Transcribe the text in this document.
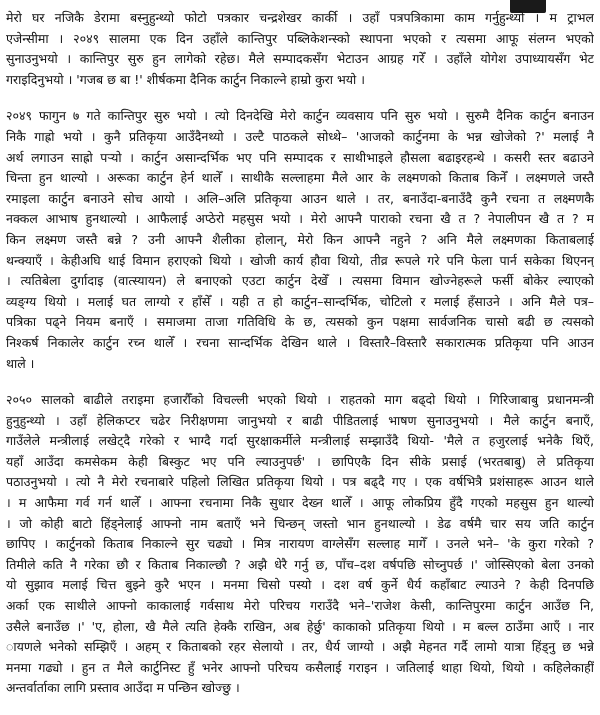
मेरो घर नजिकै डेरामा बस्नुहुन्थ्यो फोटो पत्रकार चन्द्रशेखर कार्की । उहाँ पत्रपत्रिकामा काम गर्नुहुन्थ्यो । म ट्राभल
एजेन्सीमा । २०४९ सालमा एक दिन उहाँले कान्तिपुर पब्लिकेशन्स्को स्थापना भएको र त्यसमा आफू संलग्न भएको
सुनाउनुभयो । कान्तिपुर सुरु हुन लागेको रहेछ। मैले सम्पादकसँग भेटाउन आग्रह गरेँ । उहाँले योगेश उपाध्यायसँग भेट
गराइदिनुभयो । 'गजब छ बा !' शीर्षकमा दैनिक कार्टुन निकाल्ने हाम्रो कुरा भयो ।
२०४९ फागुन ७ गते कान्तिपुर सुरु भयो । त्यो दिनदेखि मेरो कार्टुन व्यवसाय पनि सुरु भयो । सुरुमै दैनिक कार्टुन बनाउन
निकै गाह्रो भयो । कुनै प्रतिकृया आउँदैनथ्यो । उल्टै पाठकले सोध्थे– 'आजको कार्टुनमा के भन्न खोजेको ?' मलाई नै
अर्थ लगाउन साह्रो पर्‍यो । कार्टुन असान्दर्भिक भए पनि सम्पादक र साथीभाइले हौसला बढाइरहन्थे । कसरी स्तर बढाउने
चिन्ता हुन थाल्यो । अरूका कार्टुन हेर्न थालेँ । साथीकै सल्लाहमा मैले आर के लक्ष्मणको किताब किनेँ । लक्ष्मणले जस्तै
रमाइला कार्टुन बनाउने सोच आयो । अलि–अलि प्रतिकृया आउन थाले । तर, बनाउँदा-बनाउँदै कुनै रचना त लक्ष्मणकै
नक्कल आभाष हुनथाल्यो । आफैलाई अप्ठेरो महसुस भयो । मेरो आफ्नै पाराको रचना खै त ? नेपालीपन खै त ? म
किन लक्ष्मण जस्तै बन्ने ? उनी आफ्नै शैलीका होलान्, मेरो किन आफ्नै नहुने ? अनि मैले लक्ष्मणका किताबलाई
थन्क्याएँ । केहीअघि थाई विमान हराएको थियो । खोजी कार्य हौवा थियो, तीव्र रूपले गरे पनि फेला पार्न सकेका थिएनन्
। त्यतिबेला दुर्गादाइ (वात्स्यायन) ले बनाएको एउटा कार्टुन देखेँ । त्यसमा विमान खोज्नेहरूले फर्सी बोकेर ल्याएको
व्यङ्ग्य थियो । मलाई घत लाग्यो र हाँसेँ । यही त हो कार्टुन–सान्दर्भिक, चोटिलो र मलाई हँसाउने । अनि मैले पत्र–
पत्रिका पढ्ने नियम बनाएँ । समाजमा ताजा गतिविधि के छ, त्यसको कुन पक्षमा सार्वजनिक चासो बढी छ त्यसको
निश्कर्ष निकालेर कार्टुन रच्न थालेँ । रचना सान्दर्भिक देखिन थाले । विस्तारै–विस्तारै सकारात्मक प्रतिकृया पनि आउन
थाले ।
२०५० सालको बाढीले तराइमा हजारौँको विचल्ली भएको थियो । राहतको माग बढ्दो थियो । गिरिजाबाबु प्रधानमन्त्री
हुनुहुन्थ्यो । उहाँ हेलिकप्टर चढेर निरीक्षणमा जानुभयो र बाढी पीडितलाई भाषण सुनाउनुभयो । मैले कार्टुन बनाएँ,
गाउँलेले मन्त्रीलाई लखेट्दै गरेको र भाग्दै गर्दा सुरक्षाकर्मीले मन्त्रीलाई सम्झाउँदै थियो- 'मैले त हजुरलाई भनेकै थिएँ,
यहाँ आउँदा कमसेकम केही बिस्कुट भए पनि ल्याउनुपर्छ' । छापिएकै दिन सीके प्रसाई (भरतबाबु) ले प्रतिकृया
पठाउनुभयो । त्यो नै मेरो रचनाबारे पहिलो लिखित प्रतिकृया थियो । पत्र बढ्दै गए । एक वर्षभित्रै प्रशंसाहरू आउन थाले
। म आफैमा गर्व गर्न थालेँ । आफ्ना रचनामा निकै सुधार देख्न थालेँ । आफू लोकप्रिय हुँदै गएको महसुस हुन थाल्यो
। जो कोही बाटो हिंड्नेलाई आफ्नो नाम बताएँ भने चिन्छन् जस्तो भान हुनथाल्यो । डेढ वर्षमै चार सय जति कार्टुन
छापिए । कार्टुनको किताब निकाल्ने सुर चढ्यो । मित्र नारायण वाग्लेसँग सल्लाह मागेँ । उनले भने– 'के कुरा गरेको ?
तिमीले कति नै गरेका छौ र किताब निकाल्छौ ? अझै धेरै गर्नु छ, पाँच–दश वर्षपछि सोच्नुपर्छ ।' जोस्सिएको बेला उनको
यो सुझाव मलाई चित्त बुझ्ने कुरै भएन । मनमा चिसो पस्यो । दश वर्ष कुर्ने धैर्य कहाँबाट ल्याउने ? केही दिनपछि
अर्का एक साथीले आफ्नो काकालाई गर्वसाथ मेरो परिचय गराउँदै भने–'राजेश केसी, कान्तिपुरमा कार्टुन आउँछ नि,
उसैले बनाउँछ ।' 'ए, होला, खै मैले त्यति हेक्कै राखिन, अब हेर्छु' काकाको प्रतिकृया थियो । म बल्ल ठाउँमा आएँ । नार
ायणले भनेको सम्झिएँ । अहम् र किताबको रहर सेलायो । तर, धैर्य जाग्यो । अझै मेहनत गर्दै लामो यात्रा हिंड्नु छ भन्ने
मनमा गढ्यो । हुन त मैले कार्टुनिस्ट हुँ भनेर आफ्नो परिचय कसैलाई गराइन । जतिलाई थाहा थियो, थियो । कहिलेकाहीँ
अन्तर्वार्ताका लागि प्रस्ताव आउँदा म पन्छिन खोज्छु ।
